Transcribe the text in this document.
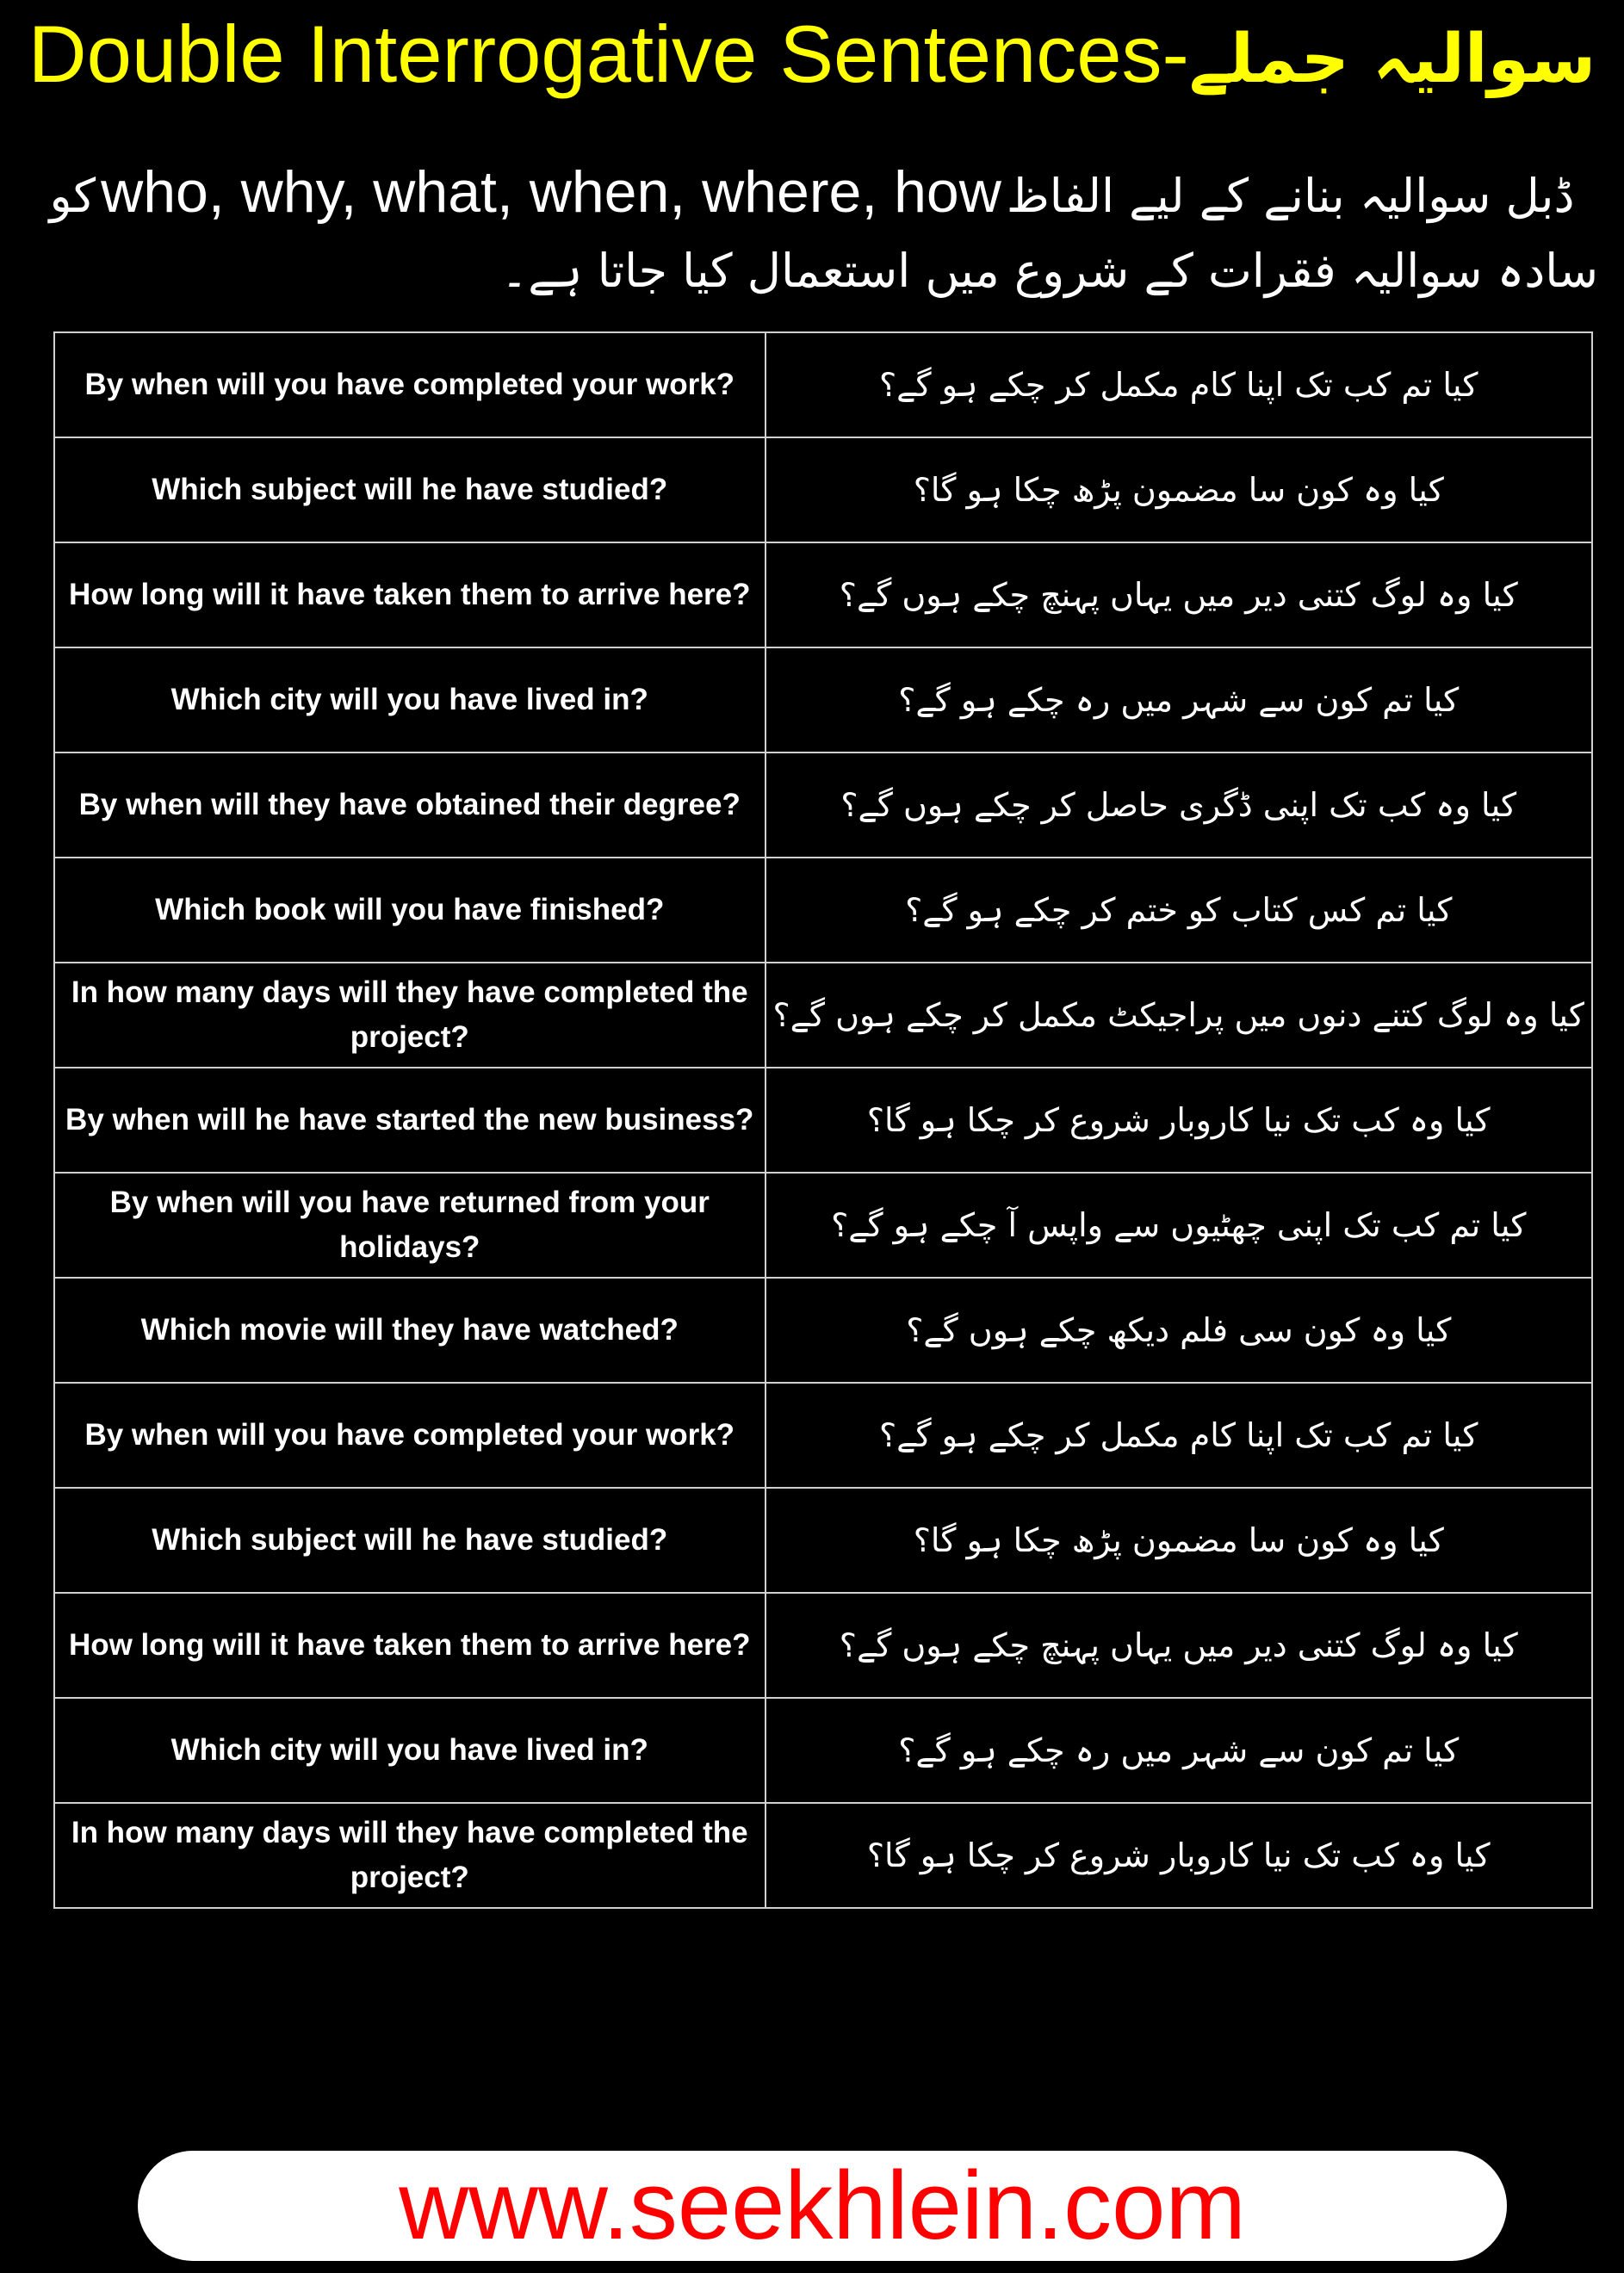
Double Interrogative Sentences-سوالیہ جملے
ڈبل سوالیہ بنانے کے لیے الفاظ
who, why, what, when, where, how
کو
سادہ سوالیہ فقرات کے شروع میں استعمال کیا جاتا ہے۔
By when will you have completed your work?	کیا تم کب تک اپنا کام مکمل کر چکے ہو گے؟
Which subject will he have studied?	کیا وہ کون سا مضمون پڑھ چکا ہو گا؟
How long will it have taken them to arrive here?	کیا وہ لوگ کتنی دیر میں یہاں پہنچ چکے ہوں گے؟
Which city will you have lived in?	کیا تم کون سے شہر میں رہ چکے ہو گے؟
By when will they have obtained their degree?	کیا وہ کب تک اپنی ڈگری حاصل کر چکے ہوں گے؟
Which book will you have finished?	کیا تم کس کتاب کو ختم کر چکے ہو گے؟
In how many days will they have completed the project?	کیا وہ لوگ کتنے دنوں میں پراجیکٹ مکمل کر چکے ہوں گے؟
By when will he have started the new business?	کیا وہ کب تک نیا کاروبار شروع کر چکا ہو گا؟
By when will you have returned from your holidays?	کیا تم کب تک اپنی چھٹیوں سے واپس آ چکے ہو گے؟
Which movie will they have watched?	کیا وہ کون سی فلم دیکھ چکے ہوں گے؟
By when will you have completed your work?	کیا تم کب تک اپنا کام مکمل کر چکے ہو گے؟
Which subject will he have studied?	کیا وہ کون سا مضمون پڑھ چکا ہو گا؟
How long will it have taken them to arrive here?	کیا وہ لوگ کتنی دیر میں یہاں پہنچ چکے ہوں گے؟
Which city will you have lived in?	کیا تم کون سے شہر میں رہ چکے ہو گے؟
In how many days will they have completed the project?	کیا وہ کب تک نیا کاروبار شروع کر چکا ہو گا؟
www.seekhlein.com
